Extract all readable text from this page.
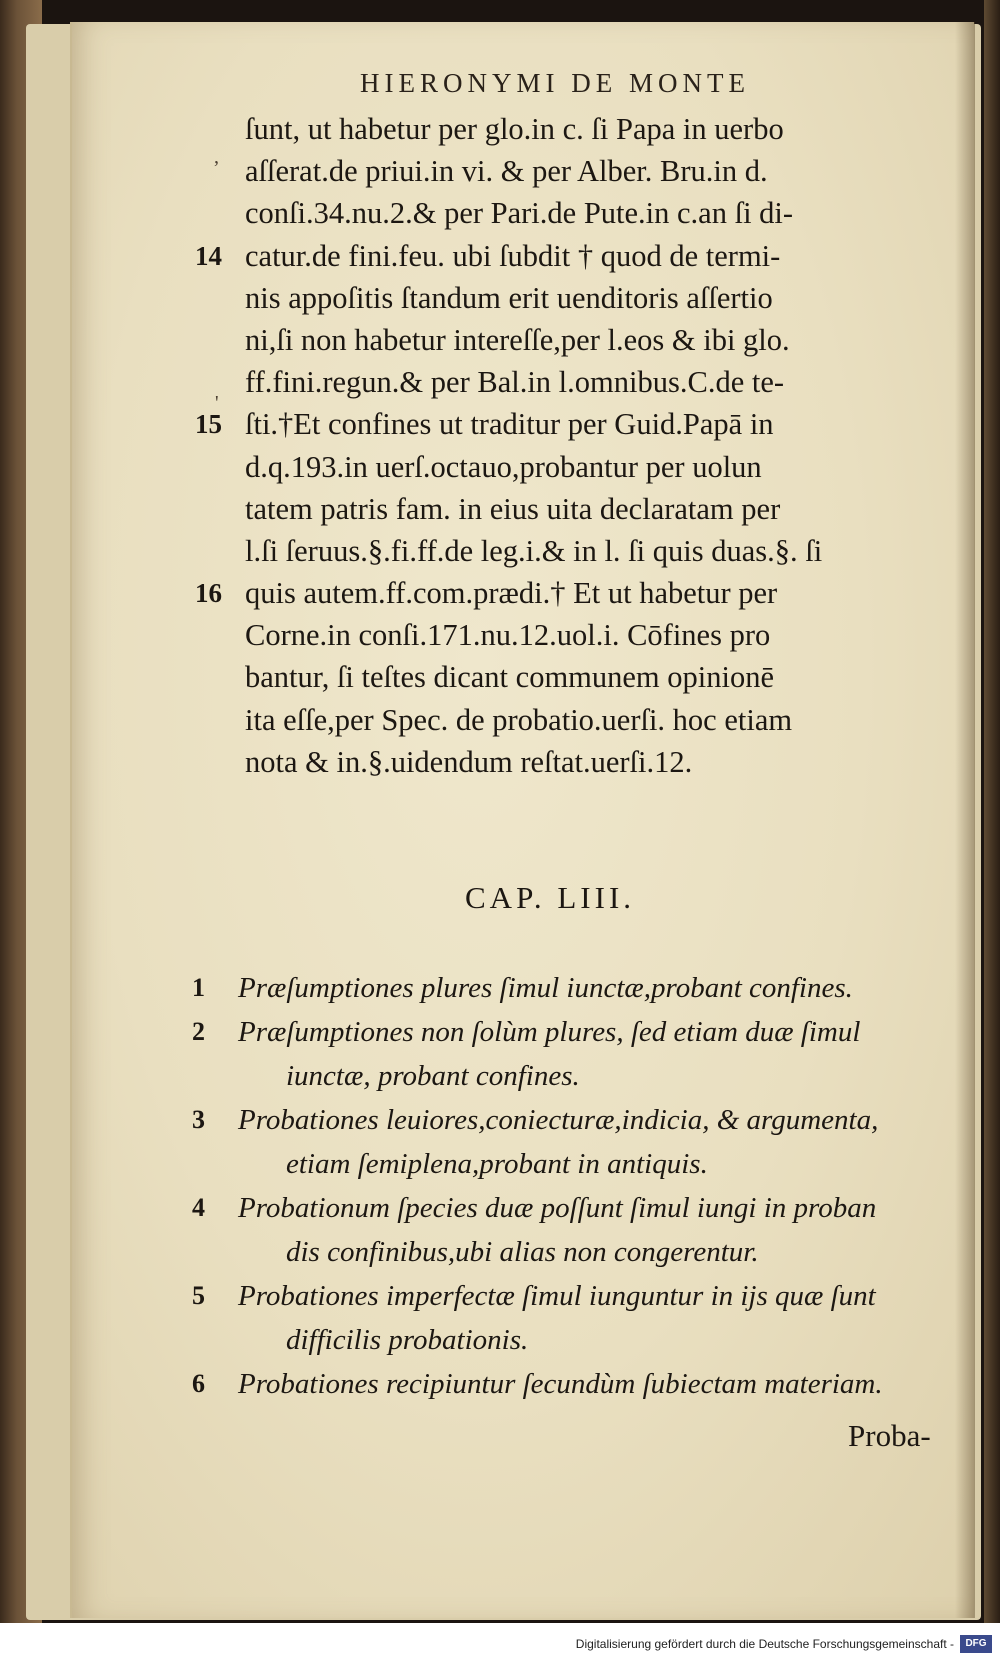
HIERONYMI DE MONTE
ſunt, ut habetur per glo.in c. ſi Papa in uerbo
aſſerat.de priui.in vi. & per Alber. Bru.in d.
conſi.34.nu.2.& per Pari.de Pute.in c.an ſi di-
14 catur.de fini.feu. ubi ſubdit † quod de termi-
nis appoſitis ſtandum erit uenditoris aſſertio
ni,ſi non habetur intereſſe,per l.eos & ibi glo.
ff.fini.regun.& per Bal.in l.omnibus.C.de te-
15 ſti.†Et confines ut traditur per Guid.Papā in
d.q.193.in uerſ.octauo,probantur per uolun
tatem patris fam. in eius uita declaratam per
l.ſi ſeruus.§.fi.ff.de leg.i.& in l. ſi quis duas.§. ſi
16 quis autem.ff.com.prædi.† Et ut habetur per
Corne.in conſi.171.nu.12.uol.i. Cōfines pro
bantur, ſi teſtes dicant communem opinionē
ita eſſe,per Spec. de probatio.uerſi. hoc etiam
nota & in.§.uidendum reſtat.uerſi.12.
,
'
CAP. LIII.
1 Præſumptiones plures ſimul iunctæ,probant confines.
2 Præſumptiones non ſolùm plures, ſed etiam duæ ſimul
iunctæ, probant confines.
3 Probationes leuiores,coniecturæ,indicia, & argumenta,
etiam ſemiplena,probant in antiquis.
4 Probationum ſpecies duæ poſſunt ſimul iungi in proban
dis confinibus,ubi alias non congerentur.
5 Probationes imperfectæ ſimul iunguntur in ijs quæ ſunt
difficilis probationis.
6 Probationes recipiuntur ſecundùm ſubiectam materiam.
Proba-
Digitalisierung gefördert durch die Deutsche Forschungsgemeinschaft -	DFG
